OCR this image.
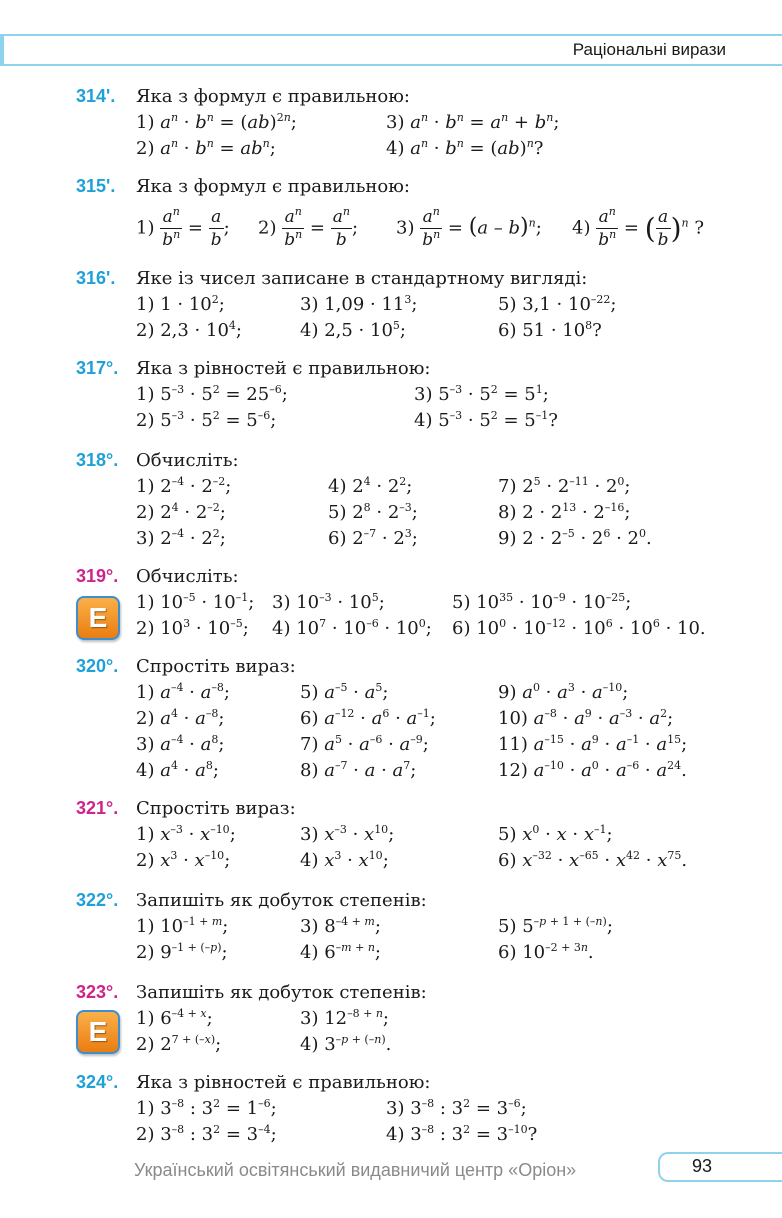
Раціональні вирази
314'. Яка з формул є правильною:
1) $a^n \cdot b^n = (ab)^{2n}$;	3) $a^n \cdot b^n = a^n + b^n$;
2) $a^n \cdot b^n = ab^n$;	4) $a^n \cdot b^n = (ab)^n$?
315'. Яка з формул є правильною:
$1) \frac{a^n}{b^n} = \frac{a}{b}$ ; $2) \frac{a^n}{b^n} = \frac{a^n}{b}$ ; $3) \frac{a^n}{b^n} = (a - b)^n$; $4) \frac{a^n}{b^n}$ = ( $\frac{a}{b} )^n$ ?
316'. Яке із чисел записане в стандартному вигляді:
1) $1 \cdot 10^2$;	3) $1,09 \cdot 11^3$;	5) $3,1 \cdot 10^{-22}$;
2) $2,3 \cdot 10^4$;	4) $2,5 \cdot 10^5$;	6) $51 \cdot 10^8$?
317°. Яка з рівностей є правильною:
1) $5^{-3} \cdot 5^2 = 25^{-6}$;	3) $5^{-3} \cdot 5^2 = 5^1$;
2) $5^{-3} \cdot 5^2 = 5^{-6}$;	4) $5^{-3} \cdot 5^2 = 5^{-1}$?
318°. Обчисліть:
1) $2^{-4} \cdot 2^{-2}$;	4) $2^4 \cdot 2^2$;	7) $2^5 \cdot 2^{-11} \cdot 2^0$;
2) $2^4 \cdot 2^{-2}$;	5) $2^8 \cdot 2^{-3}$;	8) $2 \cdot 2^{13} \cdot 2^{-16}$;
3) $2^{-4} \cdot 2^2$;	6) $2^{-7} \cdot 2^3$;	9) $2 \cdot 2^{-5} \cdot 2^6 \cdot 2^0$.
319°. Обчисліть:
E 1) $10^{-5} \cdot 10^{-1}$; 3) $10^{-3} \cdot 10^5$;	5) $10^{35} \cdot 10^{-9} \cdot 10^{-25}$;
2) $10^3 \cdot 10^{-5}$; 4) $10^7 \cdot 10^{-6} \cdot 10^0$; 6) $10^0 \cdot 10^{-12} \cdot 10^6 \cdot 10^6 \cdot 10$.
320°. Спростіть вираз:
1) $a^{-4} \cdot a^{-8}$;	5) $a^{-5} \cdot a^5$;	9) $a^0 \cdot a^3 \cdot a^{-10}$;
2) $a^4 \cdot a^{-8}$;	6) $a^{-12} \cdot a^6 \cdot a^{-1}$;	10) $a^{-8} \cdot a^9 \cdot a^{-3} \cdot a^2$;
3) $a^{-4} \cdot a^8$;	7) $a^5 \cdot a^{-6} \cdot a^{-9}$;	11) $a^{-15} \cdot a^9 \cdot a^{-1} \cdot a^{15}$;
4) $a^4 \cdot a^8$;	8) $a^{-7} \cdot a \cdot a^7$;	12) $a^{-10} \cdot a^0 \cdot a^{-6} \cdot a^{24}$.
321°. Спростіть вираз:
1) $x^{-3} \cdot x^{-10}$;	3) $x^{-3} \cdot x^{10}$;	5) $x^0 \cdot x \cdot x^{-1}$;
2) $x^3 \cdot x^{-10}$;	4) $x^3 \cdot x^{10}$;	6) $x^{-32} \cdot x^{-65} \cdot x^{42} \cdot x^{75}$.
322°. Запишіть як добуток степенів:
1) $10^{-1 + m}$;	3) $8^{-4 + m}$;	5) $5^{-p + 1 + (-n)}$;
2) $9^{-1 + (-p)}$;	4) $6^{-m + n}$;	6) $10^{-2 + 3n}$.
323°. Запишіть як добуток степенів:
E 1) $6^{-4 + x}$;	3) $12^{-8 + n}$;
2) $2^{7 + (-x)}$;	4) $3^{-p + (-n)}$.
324°. Яка з рівностей є правильною:
1) $3^{-8}$ : $3^2 = 1^{-6}$;	3) $3^{-8}$ : $3^2 = 3^{-6}$;
2) $3^{-8}$ : $3^2 = 3^{-4}$;	4) $3^{-8}$ : $3^2 = 3^{-10}$?
Український освітянський видавничий центр «Оріон»	93
